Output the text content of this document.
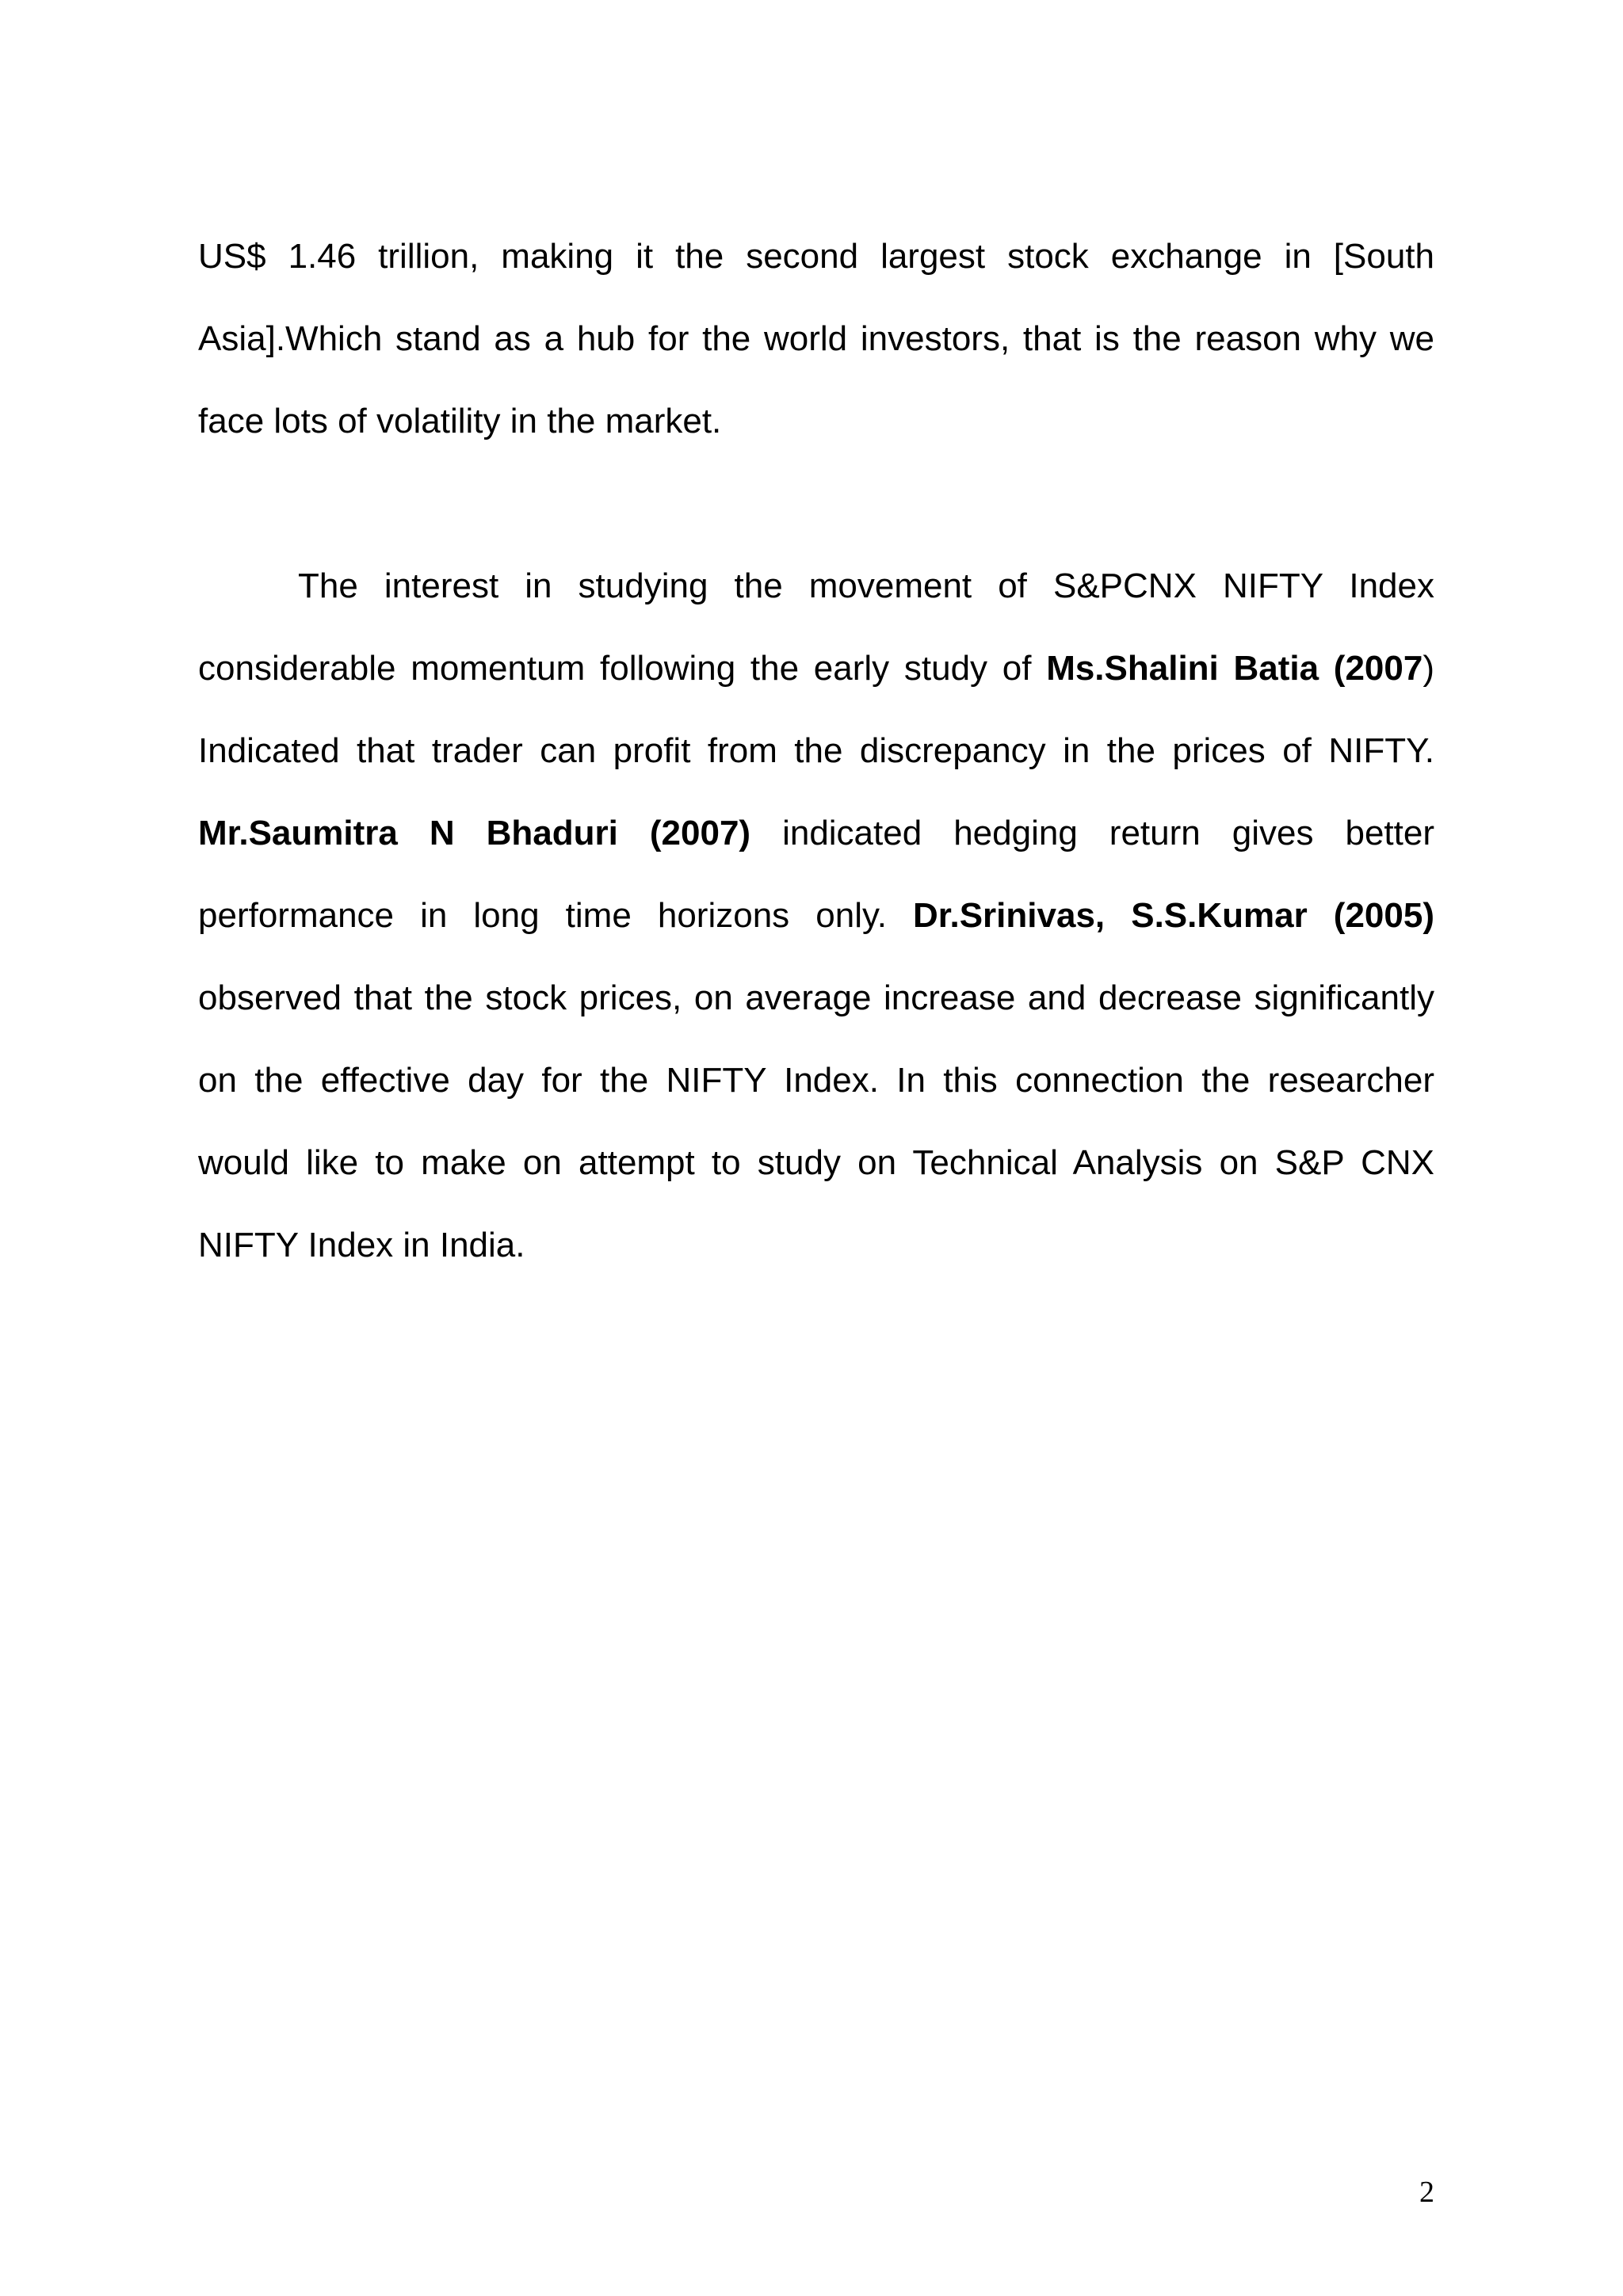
US$ 1.46 trillion, making it the second largest stock exchange in [South Asia].Which stand as a hub for the world investors, that is the reason why we face lots of volatility in the market.

The interest in studying the movement of S&PCNX NIFTY Index considerable momentum following the early study of Ms.Shalini Batia (2007) Indicated that trader can profit from the discrepancy in the prices of NIFTY. Mr.Saumitra N Bhaduri (2007) indicated hedging return gives better performance in long time horizons only. Dr.Srinivas, S.S.Kumar (2005) observed that the stock prices, on average increase and decrease significantly on the effective day for the NIFTY Index. In this connection the researcher would like to make on attempt to study on Technical Analysis on S&P CNX NIFTY Index in India.

2
